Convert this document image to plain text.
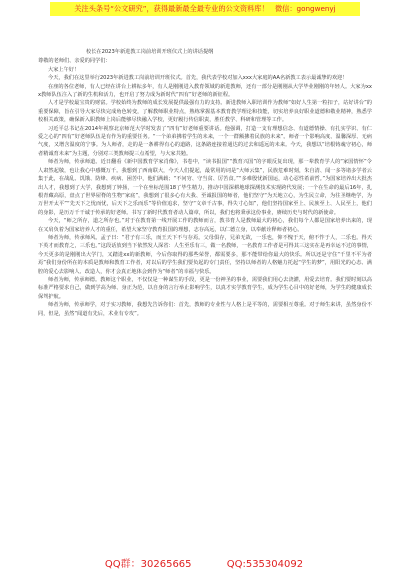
关注头条号“公文研究”，获得最新最全最专业的公文资料库！ 微信：gongwenyj
校长在2023年新进教工岗前培训开班仪式上的讲话提纲
尊敬的老师们、亲爱的同学们：
大家上午好！

今天，我们在这里举行2023年新进教工岗前培训开班仪式。首先，我代表学校对加入xxx大家庭的AA名新教工表示最诚挚的欢迎！

在座的各位老师，有人已经在讲台上耕耘多年，有人是刚刚进入教育领域的新进教师，还有一部分是刚刚从大学毕业刚刚的年轻人。大家为xxx教师队伍注入了新的生机和活力，也开启了努力成为新时代“四有”好老师的新征程。

人才是学校最宝贵的财富。学校始终为教师的成长发展提供最强有力的支持。新进教师入职培训作为教师“如好人生第一粒扣子，站好讲台”的重要保障，旨在引导大家尽快完成角色转变，了解教师职业特点，熟练掌握基本教育教学理论和技能，切实培养良好职业道德和敬业精神，熟悉学校相关政策，确保新入职教师上岗后能够尽快融入学校，更好履行传信职责，胜任教学、科研和管理等工作。

习近平总书记在2014年视察北京师范大学时发表了“四有”好老师重要讲话。他强调，打造一支有理想信念、有道德情操、有扎实学识、有仁爱之心的“四有”好老师队伍是有作为的重要任务。“一个弟弟拂着学生的未来，一个一群额拂着民族的未来”。师者一个影响高度、温馨深厚、无病气度，又增含温度的宁事。为人师者，走的是一条耕得有心的道路，这条路连接着通达的过去和遥远的未来。今天，我想以“培根铸魂守初心，师者精诚育未来”为主题，分别对三类教师提三点希望，与大家共勉。

师者为师，传承师道。近日翻看《新中国教育学家肖像》，书卷中，“读书报国”“教育兴国”的字眼反复出现，那一辈教育学人的“家国情怀”令人肃然起敬，也让我心中感慨万千。我想到了西南联大，今天人们提起，最常用的词是“大师云集”，民族危难时刻，朱自清、闻一多等诸多学者云集于此，在战乱、饥饿、防烽、疾病、困苦中，他们满载；“不问穷、守当贫、厉苦食。”“多难殷忧新国运，动心忍性希前哲。”为国家培养出大批杰出人才，我想到了大学，我想到了钟扬，一个在坐标范围18了毕生精力，推动中国深耕地球探测技术实现跨代发展；一个在生命的最后16年，扎根青藏高原，盘点了世界屋脊的生物“家底”，我想到了很多心有大我、至诚报国的师者，他们坚守“为天地立心，为生民立命，为往圣继绝学，为万世开太平”“先天下之忧而忧，后天下之乐而乐”等价值追求，坚守“文章千古事，得失寸心知”，他们坚持国家至上、民族至上、人民至上，他们的身影，是历万千干诚于传承的好老师。书写了新时代教育者动人篇章，所以，我们也将秉承这份事业，赓续历史与时代的新使命。

今天，“师之所存，道之所存也。”对于在教育第一线开展工作的教师而言，教书育人是教师最大的初心，我们每个人都是国家培养出来的，现在又肩负着为国家培养人才的重任，希望大家坚守教育报国的理想，志存高远，以仁德立身，以奉献诠释师者初心。

师者为师，传承师风。孟子曰：“君子有三乐，而王天下不与存焉。父母俱存，兄弟无故，一乐也，仰不愧于天，俯不怍于人，二乐也。得天下英才而教育之，三乐也。”这段话放到当下依然发人深省：人生至乐有三，做一名教师，一名教育工作者是可得其三这实在是再幸运不过的事情，今天更多的是刚刚出大学门，又踏进xx的新教师，今后你取得的那些荣誉，都需要多，那不能带给你最大的快乐。所以还是守住“千里不平为者焉”我们身份所在的本质是教师和教育工作者，对以后的学生我们要负起的专门责任，坚持以师者的人格魅力托起“学生的梦”，用阳光的心态、满腔的爱心去影响人、改造人，你才会真正地体会到作为“师者”的幸福与快乐。

师者为师，传承师德。教师这个职业，不仅仅是一种谋生的手段，更是一份神圣的事业，需要我们用心去浇灌，用爱去培育。我们要时刻以高标准严格要求自己，做到学高为师、身正为范，以自身的言行举止影响学生，以真才实学教育学生，成为学生心目中的好老师，为学生的健康成长保驾护航。

师者为师，传承师学，对于实习教师，我想先告诉你们：首先，教师的专业性与人格上是平等的，需要相互尊重。对于师生来讲，虽然身份不同，但是，虽然“闻道有先后，术业有专攻”。

QQ群：30265665	QQ:535304092
